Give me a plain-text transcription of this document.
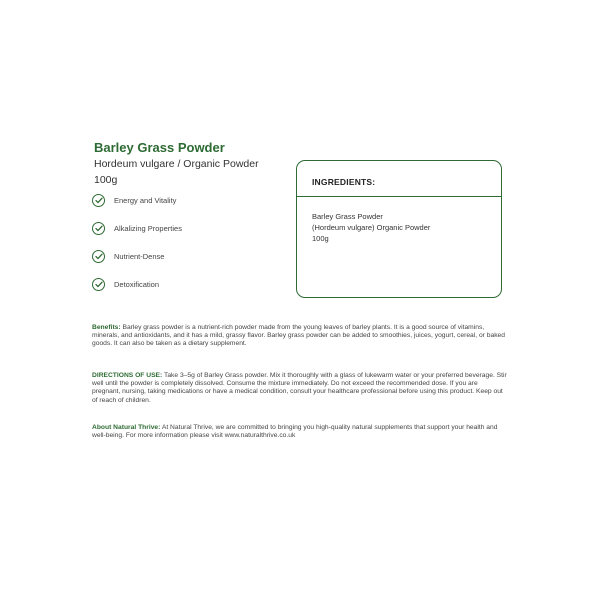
Barley Grass Powder
Hordeum vulgare / Organic Powder
100g
Energy and Vitality
Alkalizing Properties
Nutrient-Dense
Detoxification
INGREDIENTS:
Barley Grass Powder
(Hordeum vulgare) Organic Powder
100g
Benefits: Barley grass powder is a nutrient-rich powder made from the young leaves of barley plants. It is a good source of vitamins, minerals, and antioxidants, and it has a mild, grassy flavor. Barley grass powder can be added to smoothies, juices, yogurt, cereal, or baked goods. It can also be taken as a dietary supplement.
DIRECTIONS OF USE: Take 3–5g of Barley Grass powder. Mix it thoroughly with a glass of lukewarm water or your preferred beverage. Stir well until the powder is completely dissolved. Consume the mixture immediately. Do not exceed the recommended dose. If you are pregnant, nursing, taking medications or have a medical condition, consult your healthcare professional before using this product. Keep out of reach of children.
About Natural Thrive: At Natural Thrive, we are committed to bringing you high-quality natural supplements that support your health and well-being. For more information please visit www.naturalthrive.co.uk
